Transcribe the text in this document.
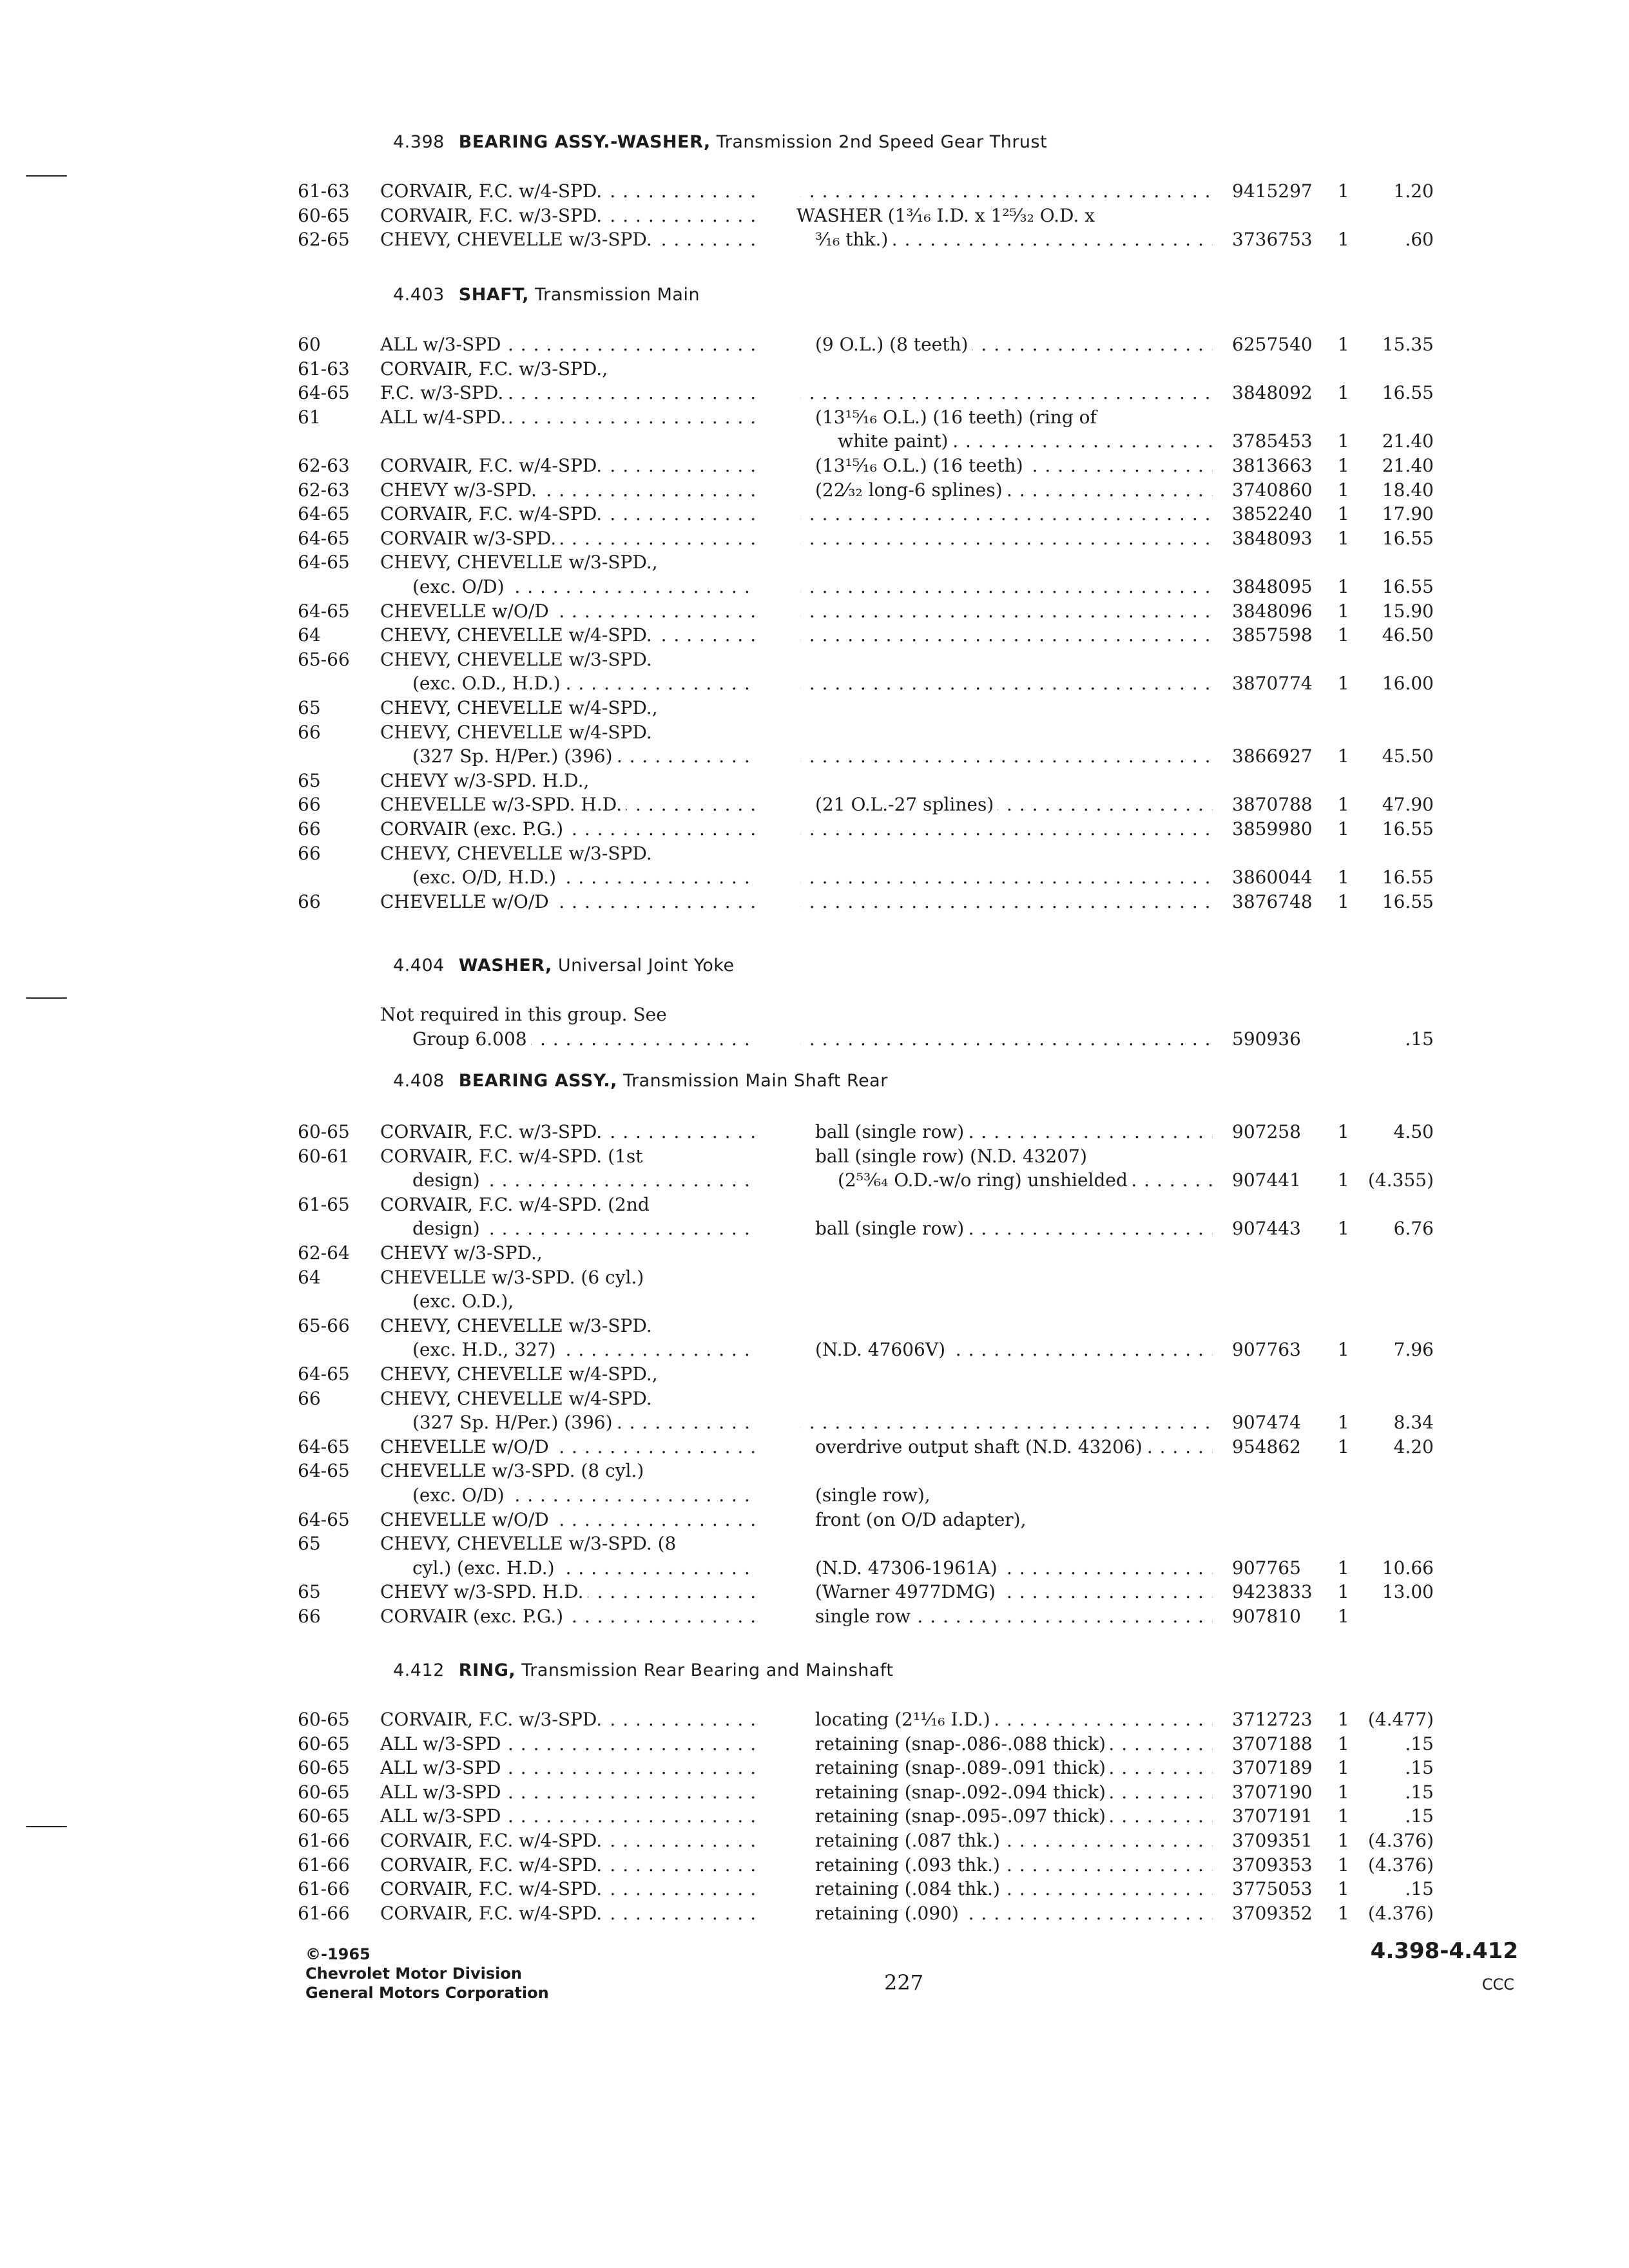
4.398 BEARING ASSY.-WASHER, Transmission 2nd Speed Gear Thrust
61-63 CORVAIR, F.C. w/4-SPD. . . . . . .	9415297 1 1.20
60-65 CORVAIR, F.C. w/3-SPD. . . .	WASHER (1³⁄₁₆ I.D. x 1²⁵⁄₃₂ O.D. x
62-65 CHEVY, CHEVELLE w/3-SPD. . . .	³⁄₁₆ thk.) . . .	3736753 1	.60
4.403 SHAFT, Transmission Main
60	ALL w/3-SPD . . .	(9 O.L.) (8 teeth) . . .	6257540 1 15.35
61-63 CORVAIR, F.C. w/3-SPD.,
64-65 F.C. w/3-SPD. . . . . . .	3848092 1 16.55
61	ALL w/4-SPD. . . .	(13¹⁵⁄₁₆ O.L.) (16 teeth) (ring of
white paint) . . .	3785453 1 21.40
62-63 CORVAIR, F.C. w/4-SPD. . . .	(13¹⁵⁄₁₆ O.L.) (16 teeth) . . .	3813663 1 21.40
62-63 CHEVY w/3-SPD. . . .	(22⁄₃₂ long-6 splines) . . .	3740860 1 18.40
64-65 CORVAIR, F.C. w/4-SPD. . . . . . .	3852240 1 17.90
64-65 CORVAIR w/3-SPD. . . . . . .	3848093 1 16.55
64-65 CHEVY, CHEVELLE w/3-SPD.,
(exc. O/D) . . . . . .	3848095 1 16.55
64-65 CHEVELLE w/O/D . . . . . .	3848096 1 15.90
64	CHEVY, CHEVELLE w/4-SPD. . . . . . .	3857598 1 46.50
65-66 CHEVY, CHEVELLE w/3-SPD.
(exc. O.D., H.D.) . . . . . .	3870774 1 16.00
65	CHEVY, CHEVELLE w/4-SPD.,
66	CHEVY, CHEVELLE w/4-SPD.
(327 Sp. H/Per.) (396) . . . . . .	3866927 1 45.50
65	CHEVY w/3-SPD. H.D.,
66	CHEVELLE w/3-SPD. H.D. . . .	(21 O.L.-27 splines) . . .	3870788 1 47.90
66	CORVAIR (exc. P.G.) . . . . . .	3859980 1 16.55
66	CHEVY, CHEVELLE w/3-SPD.
(exc. O/D, H.D.) . . . . . .	3860044 1 16.55
66	CHEVELLE w/O/D . . . . . .	3876748 1 16.55
4.404 WASHER, Universal Joint Yoke
Not required in this group. See
Group 6.008 . . . . . .	590936	.15
4.408 BEARING ASSY., Transmission Main Shaft Rear
60-65 CORVAIR, F.C. w/3-SPD. . . .	ball (single row) . . .	907258 1 4.50
60-61 CORVAIR, F.C. w/4-SPD. (1st	ball (single row) (N.D. 43207)
design) . . .	(2⁵³⁄₆₄ O.D.-w/o ring) unshielded . . .	907441 1 (4.355)
61-65 CORVAIR, F.C. w/4-SPD. (2nd
design) . . .	ball (single row) . . .	907443 1 6.76
62-64 CHEVY w/3-SPD.,
64	CHEVELLE w/3-SPD. (6 cyl.)
(exc. O.D.),
65-66 CHEVY, CHEVELLE w/3-SPD.
(exc. H.D., 327) . . .	(N.D. 47606V) . . .	907763 1 7.96
64-65 CHEVY, CHEVELLE w/4-SPD.,
66	CHEVY, CHEVELLE w/4-SPD.
(327 Sp. H/Per.) (396) . . . . . .	907474 1 8.34
64-65 CHEVELLE w/O/D . . .	overdrive output shaft (N.D. 43206) . . .	954862 1 4.20
64-65 CHEVELLE w/3-SPD. (8 cyl.)
(exc. O/D) . . .	(single row),
64-65 CHEVELLE w/O/D . . .	front (on O/D adapter),
65	CHEVY, CHEVELLE w/3-SPD. (8
cyl.) (exc. H.D.) . . .	(N.D. 47306-1961A) . . .	907765 1 10.66
65	CHEVY w/3-SPD. H.D. . . .	(Warner 4977DMG) . . .	9423833 1 13.00
66	CORVAIR (exc. P.G.) . . .	single row . . .	907810 1
4.412 RING, Transmission Rear Bearing and Mainshaft
60-65 CORVAIR, F.C. w/3-SPD. . . .	locating (2¹¹⁄₁₆ I.D.) . . .	3712723 1 (4.477)
60-65 ALL w/3-SPD . . .	retaining (snap-.086-.088 thick) . . .	3707188 1	.15
60-65 ALL w/3-SPD . . .	retaining (snap-.089-.091 thick) . . .	3707189 1	.15
60-65 ALL w/3-SPD . . .	retaining (snap-.092-.094 thick) . . .	3707190 1	.15
60-65 ALL w/3-SPD . . .	retaining (snap-.095-.097 thick) . . .	3707191 1	.15
61-66 CORVAIR, F.C. w/4-SPD. . . .	retaining (.087 thk.) . . .	3709351 1 (4.376)
61-66 CORVAIR, F.C. w/4-SPD. . . .	retaining (.093 thk.) . . .	3709353 1 (4.376)
61-66 CORVAIR, F.C. w/4-SPD. . . .	retaining (.084 thk.) . . .	3775053 1	.15
61-66 CORVAIR, F.C. w/4-SPD. . . .	retaining (.090) . . .	3709352 1 (4.376)
©-1965
Chevrolet Motor Division
General Motors Corporation	227
4.398-4.412
CCC
